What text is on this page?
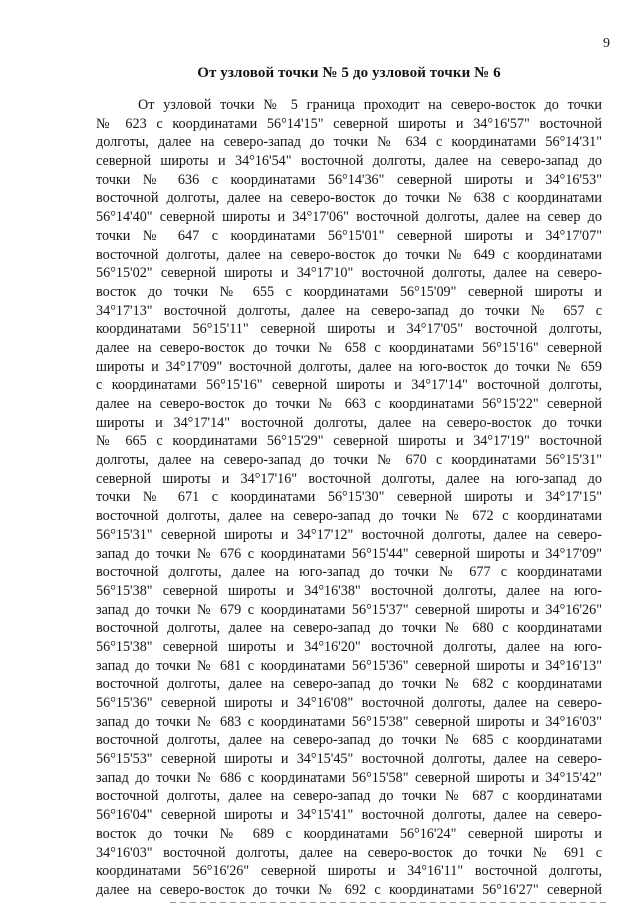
9
От узловой точки № 5 до узловой точки № 6
От узловой точки № 5 граница проходит на северо-восток до точки
№ 623 с координатами 56°14'15" северной широты и 34°16'57" восточной
долготы, далее на северо-запад до точки № 634 с координатами 56°14'31"
северной широты и 34°16'54" восточной долготы, далее на северо-запад до
точки № 636 с координатами 56°14'36" северной широты и 34°16'53"
восточной долготы, далее на северо-восток до точки № 638 с координатами
56°14'40" северной широты и 34°17'06" восточной долготы, далее на север до
точки № 647 с координатами 56°15'01" северной широты и 34°17'07"
восточной долготы, далее на северо-восток до точки № 649 с координатами
56°15'02" северной широты и 34°17'10" восточной долготы, далее на северо-
восток до точки № 655 с координатами 56°15'09" северной широты и
34°17'13" восточной долготы, далее на северо-запад до точки № 657 с
координатами 56°15'11" северной широты и 34°17'05" восточной долготы,
далее на северо-восток до точки № 658 с координатами 56°15'16" северной
широты и 34°17'09" восточной долготы, далее на юго-восток до точки № 659
с координатами 56°15'16" северной широты и 34°17'14" восточной долготы,
далее на северо-восток до точки № 663 с координатами 56°15'22" северной
широты и 34°17'14" восточной долготы, далее на северо-восток до точки
№ 665 с координатами 56°15'29" северной широты и 34°17'19" восточной
долготы, далее на северо-запад до точки № 670 с координатами 56°15'31"
северной широты и 34°17'16" восточной долготы, далее на юго-запад до
точки № 671 с координатами 56°15'30" северной широты и 34°17'15"
восточной долготы, далее на северо-запад до точки № 672 с координатами
56°15'31" северной широты и 34°17'12" восточной долготы, далее на северо-
запад до точки № 676 с координатами 56°15'44" северной широты и 34°17'09"
восточной долготы, далее на юго-запад до точки № 677 с координатами
56°15'38" северной широты и 34°16'38" восточной долготы, далее на юго-
запад до точки № 679 с координатами 56°15'37" северной широты и 34°16'26"
восточной долготы, далее на северо-запад до точки № 680 с координатами
56°15'38" северной широты и 34°16'20" восточной долготы, далее на юго-
запад до точки № 681 с координатами 56°15'36" северной широты и 34°16'13"
восточной долготы, далее на северо-запад до точки № 682 с координатами
56°15'36" северной широты и 34°16'08" восточной долготы, далее на северо-
запад до точки № 683 с координатами 56°15'38" северной широты и 34°16'03"
восточной долготы, далее на северо-запад до точки № 685 с координатами
56°15'53" северной широты и 34°15'45" восточной долготы, далее на северо-
запад до точки № 686 с координатами 56°15'58" северной широты и 34°15'42"
восточной долготы, далее на северо-запад до точки № 687 с координатами
56°16'04" северной широты и 34°15'41" восточной долготы, далее на северо-
восток до точки № 689 с координатами 56°16'24" северной широты и
34°16'03" восточной долготы, далее на северо-восток до точки № 691 с
координатами 56°16'26" северной широты и 34°16'11" восточной долготы,
далее на северо-восток до точки № 692 с координатами 56°16'27" северной
